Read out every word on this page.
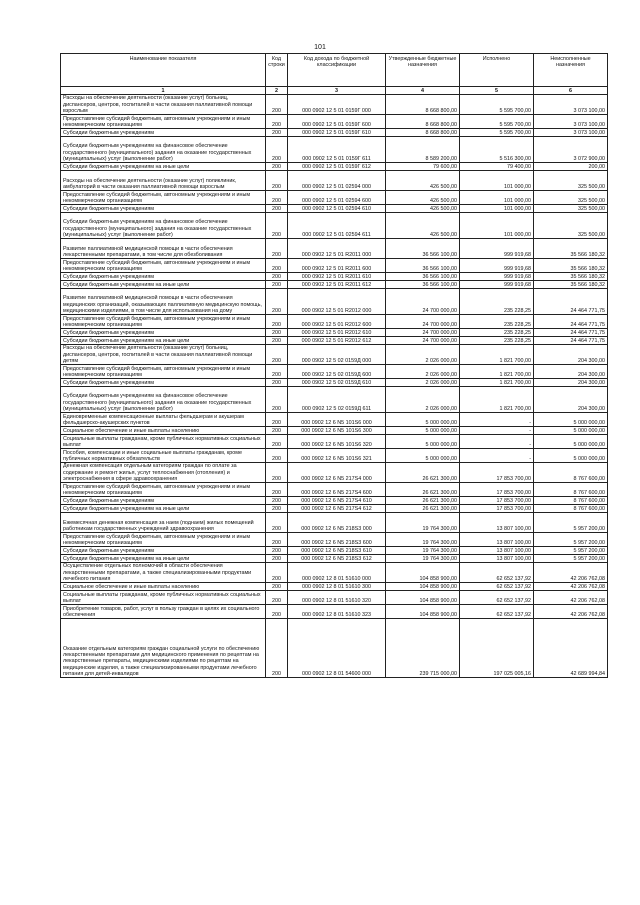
101
Наименование показателя	Код строки	Код дохода по бюджетной классификации	Утвержденные бюджетные назначения	Исполнено	Неисполненные назначения
1	2	3	4	5	6
Расходы на обеспечение деятельности (оказание услуг) больниц, диспансеров, центров, госпиталей в части оказания паллиативной помощи взрослым	200	000 0902 12 5 01 0159Г 000	8 668 800,00	5 595 700,00	3 073 100,00
Предоставление субсидий бюджетным, автономным учреждениям и иным некоммерческим организациям	200	000 0902 12 5 01 0159Г 600	8 668 800,00	5 595 700,00	3 073 100,00
Субсидии бюджетным учреждениям	200	000 0902 12 5 01 0159Г 610	8 668 800,00	5 595 700,00	3 073 100,00
Субсидии бюджетным учреждениям на финансовое обеспечение государственного (муниципального) задания на оказание государственных (муниципальных) услуг (выполнение работ)	200	000 0902 12 5 01 0159Г 611	8 589 200,00	5 516 300,00	3 072 900,00
Субсидии бюджетным учреждениям на иные цели	200	000 0902 12 5 01 0159Г 612	79 600,00	79 400,00	200,00
Расходы на обеспечение деятельности (оказание услуг) поликлиник, амбулаторий в части оказания паллиативной помощи взрослым	200	000 0902 12 5 01 02594 000	426 500,00	101 000,00	325 500,00
Предоставление субсидий бюджетным, автономным учреждениям и иным некоммерческим организациям	200	000 0902 12 5 01 02594 600	426 500,00	101 000,00	325 500,00
Субсидии бюджетным учреждениям	200	000 0902 12 5 01 02594 610	426 500,00	101 000,00	325 500,00
Субсидии бюджетным учреждениям на финансовое обеспечение государственного (муниципального) задания на оказание государственных (муниципальных) услуг (выполнение работ)	200	000 0902 12 5 01 02594 611	426 500,00	101 000,00	325 500,00
Развитие паллиативной медицинской помощи в части обеспечения лекарственными препаратами, в том числе для обезболивания	200	000 0902 12 5 01 R2011 000	36 566 100,00	999 919,68	35 566 180,32
Предоставление субсидий бюджетным, автономным учреждениям и иным некоммерческим организациям	200	000 0902 12 5 01 R2011 600	36 566 100,00	999 919,68	35 566 180,32
Субсидии бюджетным учреждениям	200	000 0902 12 5 01 R2011 610	36 566 100,00	999 919,68	35 566 180,32
Субсидии бюджетным учреждениям на иные цели	200	000 0902 12 5 01 R2011 612	36 566 100,00	999 919,68	35 566 180,32
Развитие паллиативной медицинской помощи в части обеспечения медицинских организаций, оказывающих паллиативную медицинскую помощь, медицинскими изделиями, в том числе для использования на дому	200	000 0902 12 5 01 R2012 000	24 700 000,00	235 228,25	24 464 771,75
Предоставление субсидий бюджетным, автономным учреждениям и иным некоммерческим организациям	200	000 0902 12 5 01 R2012 600	24 700 000,00	235 228,25	24 464 771,75
Субсидии бюджетным учреждениям	200	000 0902 12 5 01 R2012 610	24 700 000,00	235 228,25	24 464 771,75
Субсидии бюджетным учреждениям на иные цели	200	000 0902 12 5 01 R2012 612	24 700 000,00	235 228,25	24 464 771,75
Расходы на обеспечение деятельности (оказание услуг) больниц, диспансеров, центров, госпиталей в части оказания паллиативной помощи детям	200	000 0902 12 5 02 0159Д 000	2 026 000,00	1 821 700,00	204 300,00
Предоставление субсидий бюджетным, автономным учреждениям и иным некоммерческим организациям	200	000 0902 12 5 02 0159Д 600	2 026 000,00	1 821 700,00	204 300,00
Субсидии бюджетным учреждениям	200	000 0902 12 5 02 0159Д 610	2 026 000,00	1 821 700,00	204 300,00
Субсидии бюджетным учреждениям на финансовое обеспечение государственного (муниципального) задания на оказание государственных (муниципальных) услуг (выполнение работ)	200	000 0902 12 5 02 0159Д 611	2 026 000,00	1 821 700,00	204 300,00
Единовременные компенсационные выплаты фельдшерам и акушерам фельдшерско-акушерских пунктов	200	000 0902 12 6 N5 101S6 000	5 000 000,00	-	5 000 000,00
Социальное обеспечение и иные выплаты населению	200	000 0902 12 6 N5 101S6 300	5 000 000,00	-	5 000 000,00
Социальные выплаты гражданам, кроме публичных нормативных социальных выплат	200	000 0902 12 6 N5 101S6 320	5 000 000,00	-	5 000 000,00
Пособия, компенсации и иные социальные выплаты гражданам, кроме публичных нормативных обязательств	200	000 0902 12 6 N5 101S6 321	5 000 000,00	-	5 000 000,00
Денежная компенсация отдельным категориям граждан по оплате за содержание и ремонт жилья, услуг теплоснабжения (отопления) и электроснабжения в сфере здравоохранения	200	000 0902 12 6 N5 217S4 000	26 621 300,00	17 853 700,00	8 767 600,00
Предоставление субсидий бюджетным, автономным учреждениям и иным некоммерческим организациям	200	000 0902 12 6 N5 217S4 600	26 621 300,00	17 853 700,00	8 767 600,00
Субсидии бюджетным учреждениям	200	000 0902 12 6 N5 217S4 610	26 621 300,00	17 853 700,00	8 767 600,00
Субсидии бюджетным учреждениям на иные цели	200	000 0902 12 6 N5 217S4 612	26 621 300,00	17 853 700,00	8 767 600,00
Ежемесячная денежная компенсация за наем (поднаем) жилых помещений работникам государственных учреждений здравоохранения	200	000 0902 12 6 N5 218S3 000	19 764 300,00	13 807 100,00	5 957 200,00
Предоставление субсидий бюджетным, автономным учреждениям и иным некоммерческим организациям	200	000 0902 12 6 N5 218S3 600	19 764 300,00	13 807 100,00	5 957 200,00
Субсидии бюджетным учреждениям	200	000 0902 12 6 N5 218S3 610	19 764 300,00	13 807 100,00	5 957 200,00
Субсидии бюджетным учреждениям на иные цели	200	000 0902 12 6 N5 218S3 612	19 764 300,00	13 807 100,00	5 957 200,00
Осуществление отдельных полномочий в области обеспечения лекарственными препаратами, а также специализированными продуктами лечебного питания	200	000 0902 12 8 01 51610 000	104 858 900,00	62 652 137,92	42 206 762,08
Социальное обеспечение и иные выплаты населению	200	000 0902 12 8 01 51610 300	104 858 900,00	62 652 137,92	42 206 762,08
Социальные выплаты гражданам, кроме публичных нормативных социальных выплат	200	000 0902 12 8 01 51610 320	104 858 900,00	62 652 137,92	42 206 762,08
Приобретение товаров, работ, услуг в пользу граждан в целях их социального обеспечения	200	000 0902 12 8 01 51610 323	104 858 900,00	62 652 137,92	42 206 762,08
Оказание отдельным категориям граждан социальной услуги по обеспечению лекарственными препаратами для медицинского применения по рецептам на лекарственные препараты, медицинскими изделиями по рецептам на медицинские изделия, а также специализированными продуктами лечебного питания для детей-инвалидов	200	000 0902 12 8 01 54600 000	239 715 000,00	197 025 005,16	42 689 994,84
